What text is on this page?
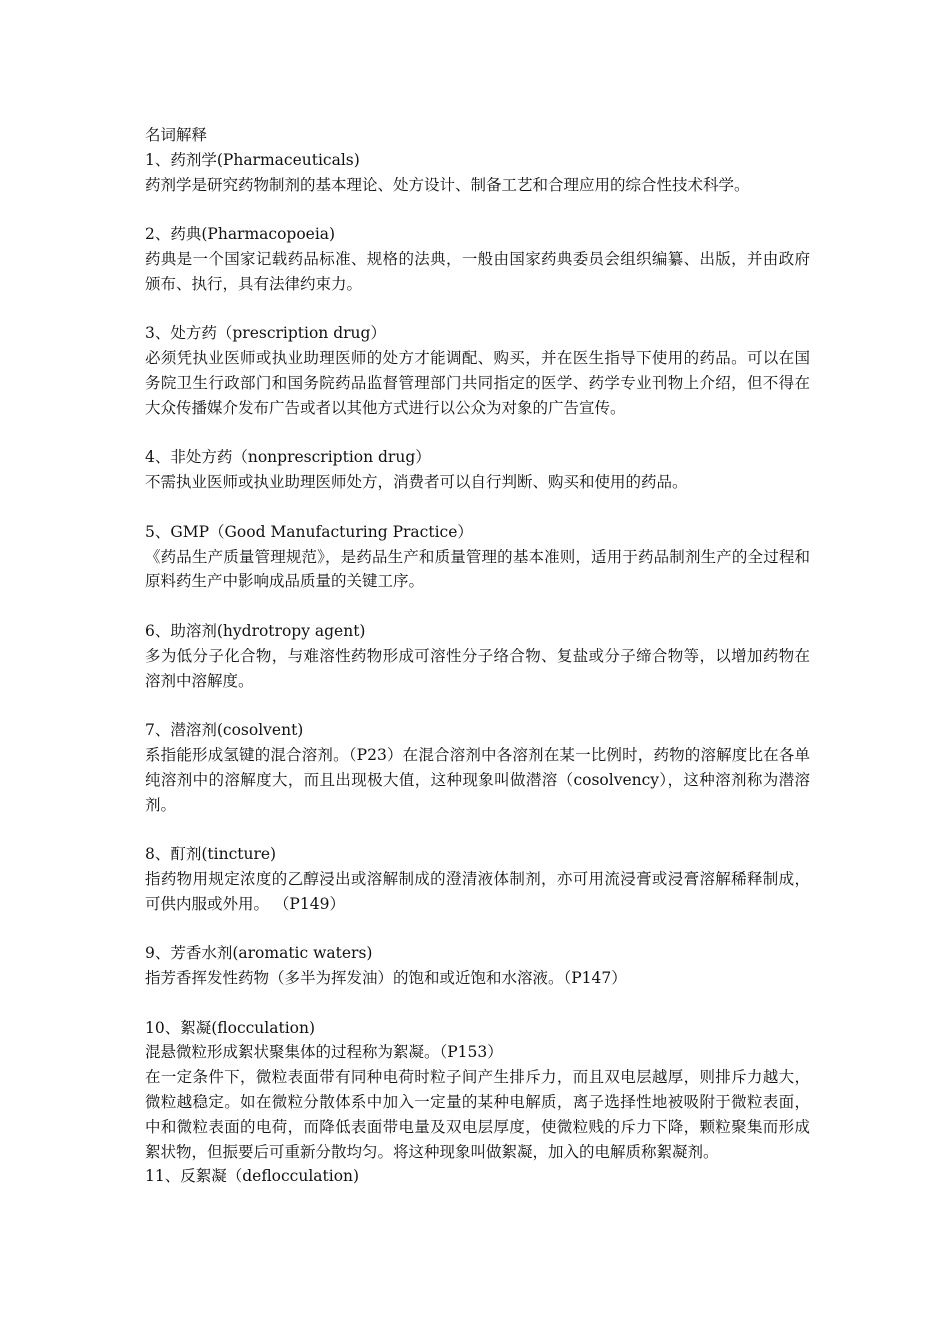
名词解释
1、药剂学(Pharmaceuticals)
药剂学是研究药物制剂的基本理论、处方设计、制备工艺和合理应用的综合性技术科学。
2、药典(Pharmacopoeia)
药典是一个国家记载药品标准、规格的法典，一般由国家药典委员会组织编纂、出版，并由政府颁布、执行，具有法律约束力。
3、处方药（prescription drug）
必须凭执业医师或执业助理医师的处方才能调配、购买，并在医生指导下使用的药品。可以在国务院卫生行政部门和国务院药品监督管理部门共同指定的医学、药学专业刊物上介绍，但不得在大众传播媒介发布广告或者以其他方式进行以公众为对象的广告宣传。
4、非处方药（nonprescription drug）
不需执业医师或执业助理医师处方，消费者可以自行判断、购买和使用的药品。
5、GMP（Good Manufacturing Practice）
《药品生产质量管理规范》，是药品生产和质量管理的基本准则，适用于药品制剂生产的全过程和原料药生产中影响成品质量的关键工序。
6、助溶剂(hydrotropy agent)
多为低分子化合物，与难溶性药物形成可溶性分子络合物、复盐或分子缔合物等，以增加药物在溶剂中溶解度。
7、潜溶剂(cosolvent)
系指能形成氢键的混合溶剂。（P23）在混合溶剂中各溶剂在某一比例时，药物的溶解度比在各单纯溶剂中的溶解度大，而且出现极大值，这种现象叫做潜溶（cosolvency），这种溶剂称为潜溶剂。
8、酊剂(tincture)
指药物用规定浓度的乙醇浸出或溶解制成的澄清液体制剂，亦可用流浸膏或浸膏溶解稀释制成，可供内服或外用。 （P149）
9、芳香水剂(aromatic waters)
指芳香挥发性药物（多半为挥发油）的饱和或近饱和水溶液。（P147）
10、絮凝(flocculation)
混悬微粒形成絮状聚集体的过程称为絮凝。（P153）
在一定条件下，微粒表面带有同种电荷时粒子间产生排斥力，而且双电层越厚，则排斥力越大，微粒越稳定。如在微粒分散体系中加入一定量的某种电解质，离子选择性地被吸附于微粒表面，中和微粒表面的电荷，而降低表面带电量及双电层厚度，使微粒贱的斥力下降，颗粒聚集而形成絮状物，但振要后可重新分散均匀。将这种现象叫做絮凝，加入的电解质称絮凝剂。
11、反絮凝（deflocculation)
